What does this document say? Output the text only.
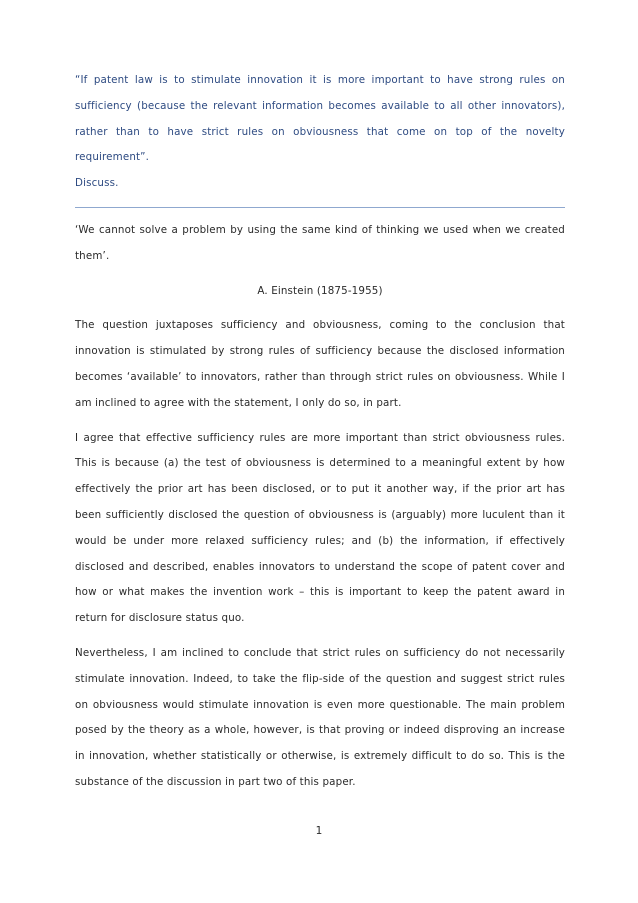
“If patent law is to stimulate innovation it is more important to have strong rules on sufficiency (because the relevant information becomes available to all other innovators), rather than to have strict rules on obviousness that come on top of the novelty requirement”.

Discuss.

‘We cannot solve a problem by using the same kind of thinking we used when we created them’.

A. Einstein (1875-1955)

The question juxtaposes sufficiency and obviousness, coming to the conclusion that innovation is stimulated by strong rules of sufficiency because the disclosed information becomes ‘available’ to innovators, rather than through strict rules on obviousness. While I am inclined to agree with the statement, I only do so, in part.

I agree that effective sufficiency rules are more important than strict obviousness rules. This is because (a) the test of obviousness is determined to a meaningful extent by how effectively the prior art has been disclosed, or to put it another way, if the prior art has been sufficiently disclosed the question of obviousness is (arguably) more luculent than it would be under more relaxed sufficiency rules; and (b) the information, if effectively disclosed and described, enables innovators to understand the scope of patent cover and how or what makes the invention work – this is important to keep the patent award in return for disclosure status quo.

Nevertheless, I am inclined to conclude that strict rules on sufficiency do not necessarily stimulate innovation. Indeed, to take the flip-side of the question and suggest strict rules on obviousness would stimulate innovation is even more questionable. The main problem posed by the theory as a whole, however, is that proving or indeed disproving an increase in innovation, whether statistically or otherwise, is extremely difficult to do so. This is the substance of the discussion in part two of this paper.

1
